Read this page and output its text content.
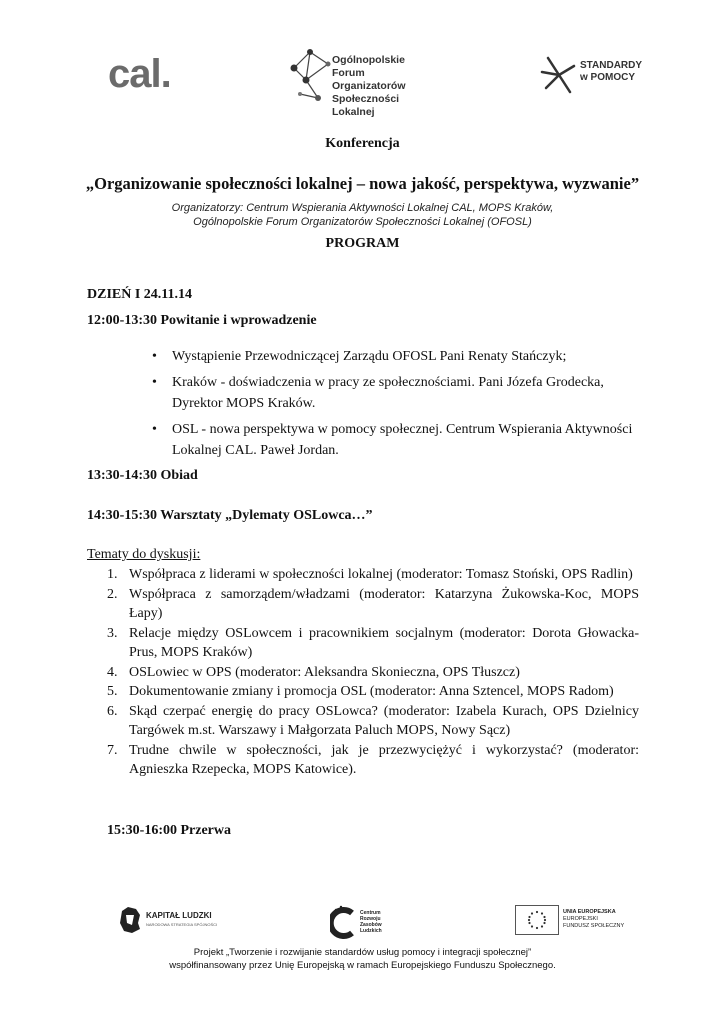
cal.	Ogólnopolskie Forum
Organizatorów
Społeczności Lokalnej
STANDARDY
w POMOCY
Konferencja
„Organizowanie społeczności lokalnej – nowa jakość, perspektywa, wyzwanie”
Organizatorzy: Centrum Wspierania Aktywności Lokalnej CAL, MOPS Kraków,
Ogólnopolskie Forum Organizatorów Społeczności Lokalnej (OFOSL)
PROGRAM
DZIEŃ I 24.11.14
12:00-13:30 Powitanie i wprowadzenie
• Wystąpienie Przewodniczącej Zarządu OFOSL Pani Renaty Stańczyk;
• Kraków - doświadczenia w pracy ze społecznościami. Pani Józefa Grodecka, Dyrektor MOPS Kraków.
• OSL - nowa perspektywa w pomocy społecznej. Centrum Wspierania Aktywności Lokalnej CAL. Paweł Jordan.
13:30-14:30 Obiad
14:30-15:30 Warsztaty „Dylematy OSLowca…”
Tematy do dyskusji:
1. Współpraca z liderami w społeczności lokalnej (moderator: Tomasz Stoński, OPS Radlin)
2. Współpraca z samorządem/władzami (moderator: Katarzyna Żukowska-Koc, MOPS Łapy)
3. Relacje między OSLowcem i pracownikiem socjalnym (moderator: Dorota Głowacka-Prus, MOPS Kraków)
4. OSLowiec w OPS (moderator: Aleksandra Skonieczna, OPS Tłuszcz)
5. Dokumentowanie zmiany i promocja OSL (moderator: Anna Sztencel, MOPS Radom)
6. Skąd czerpać energię do pracy OSLowca? (moderator: Izabela Kurach, OPS Dzielnicy Targówek m.st. Warszawy i Małgorzata Paluch MOPS, Nowy Sącz)
7. Trudne chwile w społeczności, jak je przezwyciężyć i wykorzystać? (moderator: Agnieszka Rzepecka, MOPS Katowice).
15:30-16:00 Przerwa
KAPITAŁ LUDZKI
NARODOWA STRATEGIA SPÓJNOŚCI
Centrum
Rozwoju
Zasobów
Ludzkich
UNIA EUROPEJSKA
EUROPEJSKI
FUNDUSZ SPOŁECZNY
Projekt „Tworzenie i rozwijanie standardów usług pomocy i integracji społecznej”
współfinansowany przez Unię Europejską w ramach Europejskiego Funduszu Społecznego.
